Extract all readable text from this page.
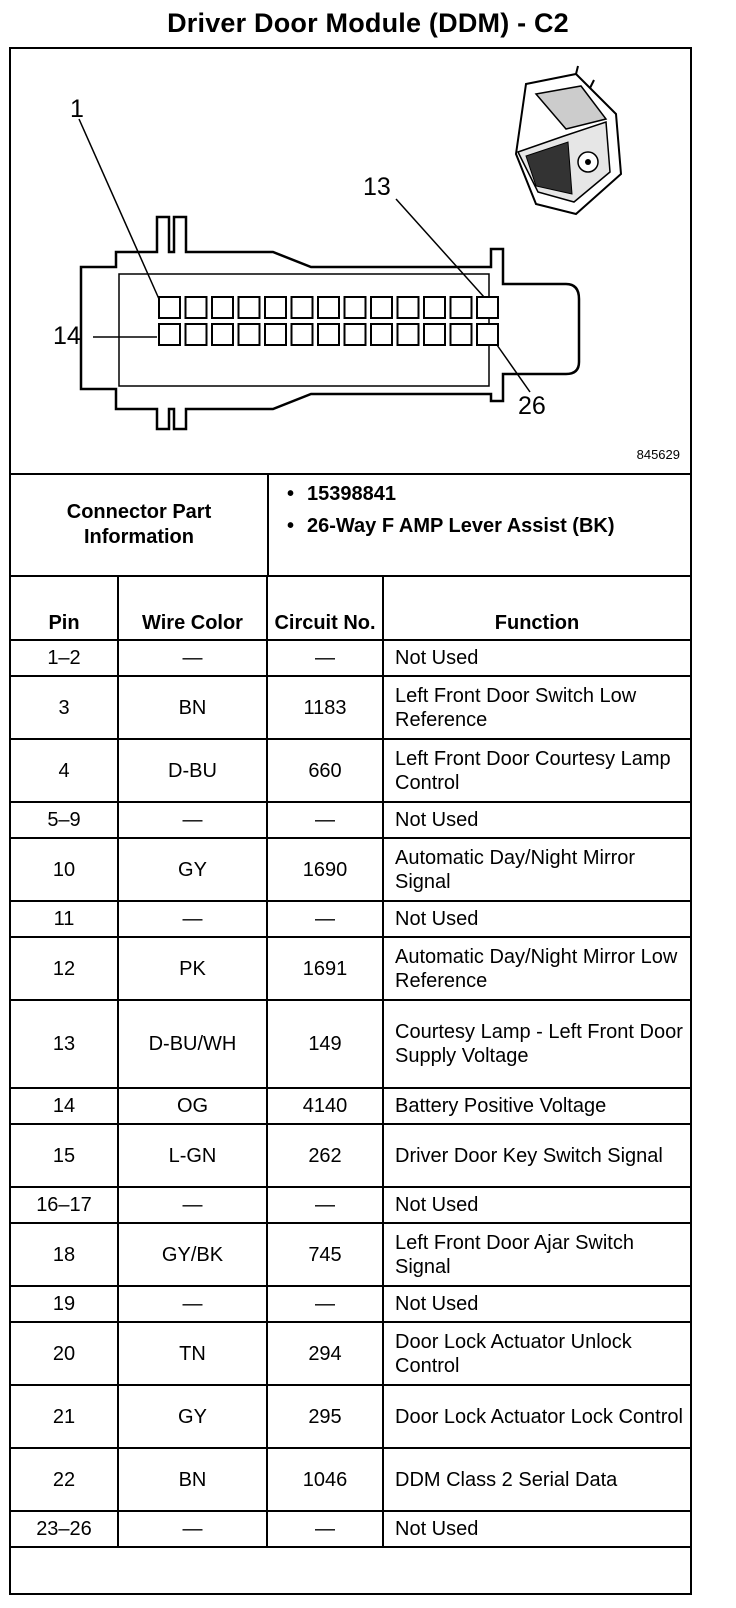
Driver Door Module (DDM) - C2
1
13
14
26
845629
Connector Part Information
• 15398841
• 26-Way F AMP Lever Assist (BK)
Pin	Wire Color	Circuit No.	Function
1–2	—	—	Not Used
3	BN	1183	Left Front Door Switch Low Reference
4	D-BU	660	Left Front Door Courtesy Lamp Control
5–9	—	—	Not Used
10	GY	1690	Automatic Day/Night Mirror Signal
11	—	—	Not Used
12	PK	1691	Automatic Day/Night Mirror Low Reference
13	D-BU/WH	149	Courtesy Lamp - Left Front Door Supply Voltage
14	OG	4140	Battery Positive Voltage
15	L-GN	262	Driver Door Key Switch Signal
16–17	—	—	Not Used
18	GY/BK	745	Left Front Door Ajar Switch Signal
19	—	—	Not Used
20	TN	294	Door Lock Actuator Unlock Control
21	GY	295	Door Lock Actuator Lock Control
22	BN	1046	DDM Class 2 Serial Data
23–26	—	—	Not Used
